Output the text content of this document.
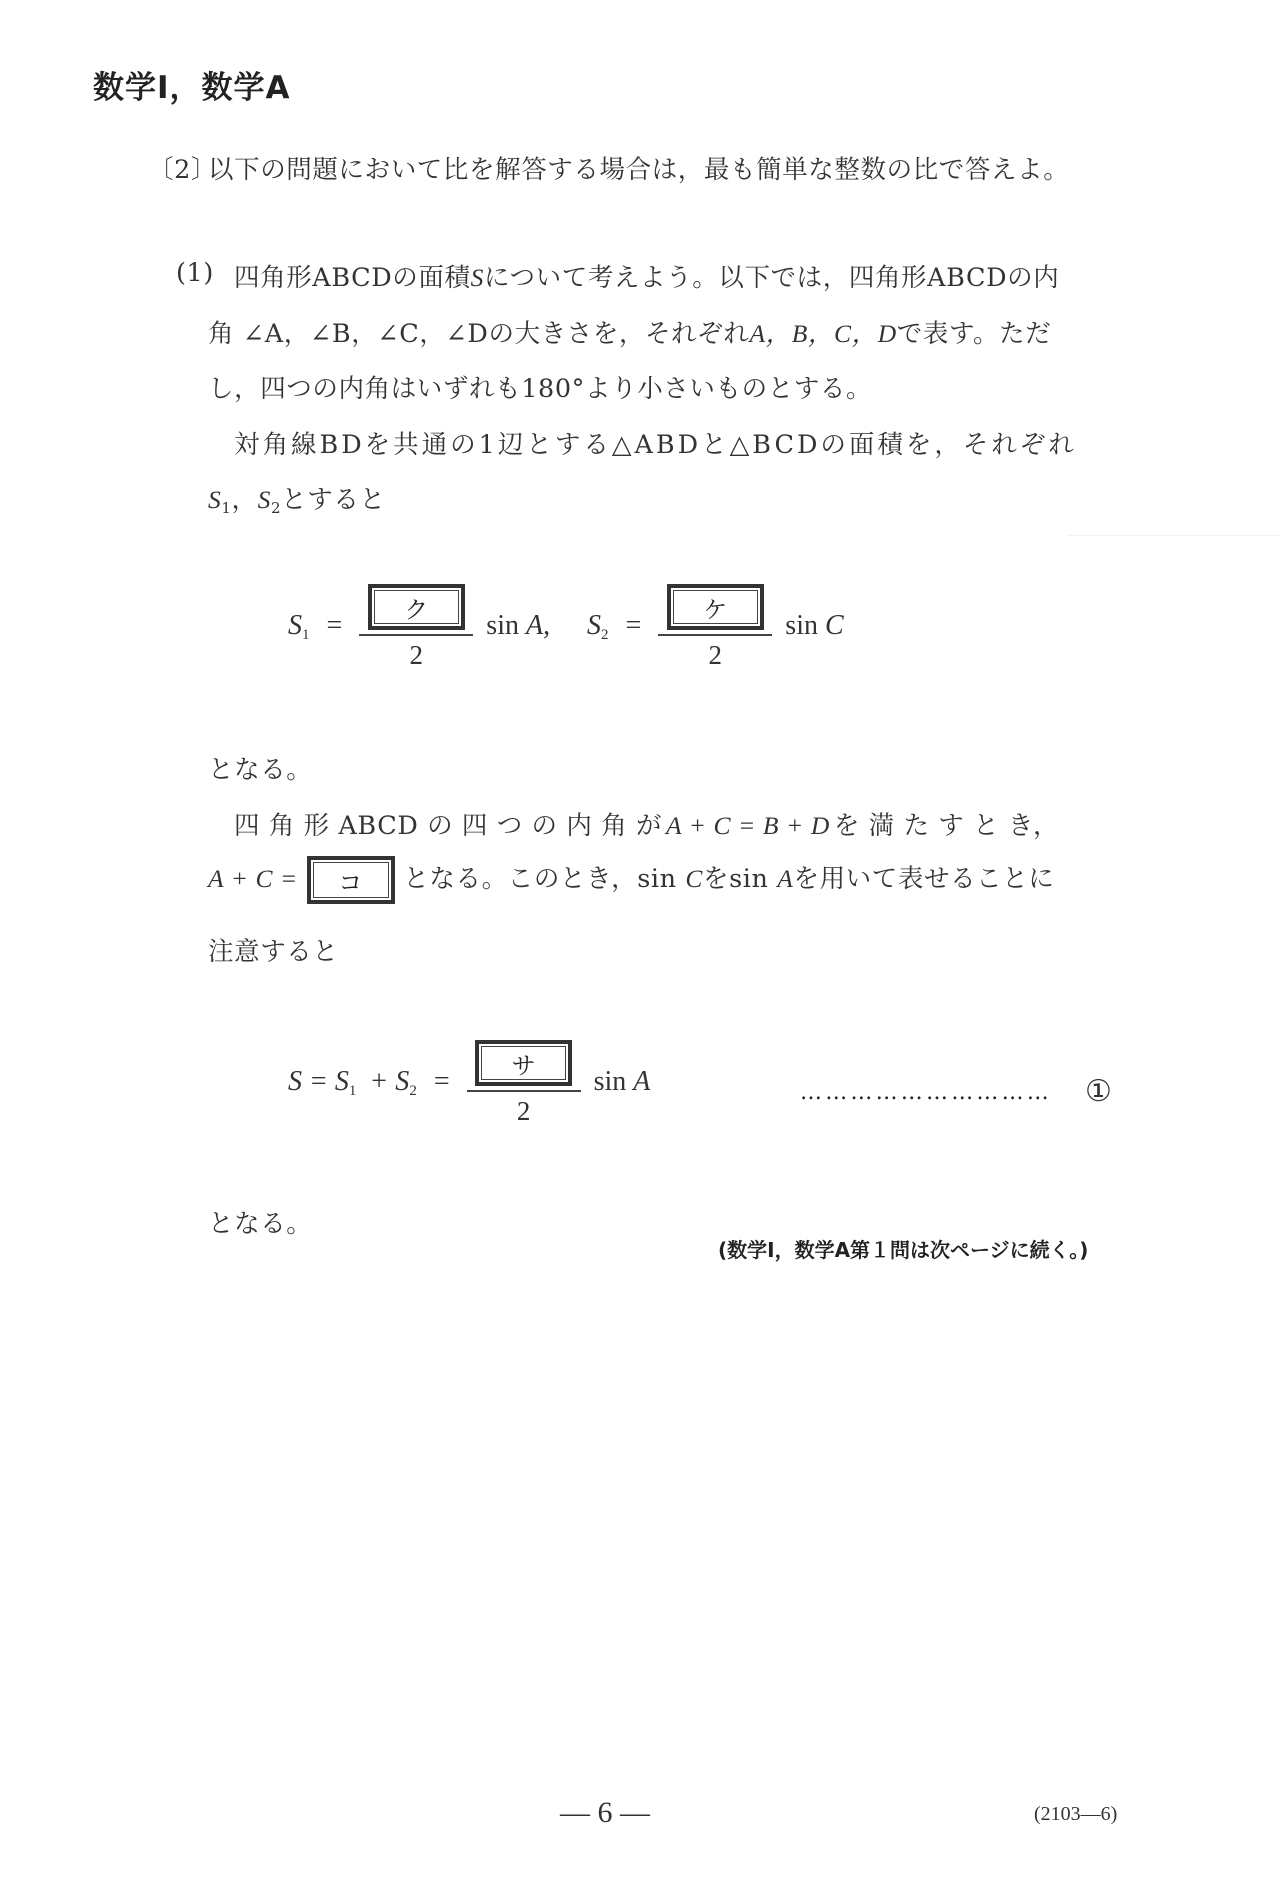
数学Ⅰ，数学A
〔2〕
以下の問題において比を解答する場合は，最も簡単な整数の比で答えよ。
(1) 四角形ABCDの面積Sについて考えよう。以下では，四角形ABCDの内
角 ∠A，∠B，∠C，∠Dの大きさを，それぞれA，B，C，Dで表す。ただ
し，四つの内角はいずれも180°より小さいものとする。
対角線BDを共通の1辺とする△ABDと△BCDの面積を，それぞれ
$S_1$，$S_2$とすると
$S_1 = \frac{\text{ク}}{2}$ sin A, $S_2 = \frac{\text{ケ}}{2}$ sin C
となる。
四 角 形 ABCD の 四 つ の 内 角 が A + C = B + D を 満 た す と き，
A + C =	コ	となる。このとき，sin Cをsin Aを用いて表せることに
注意すると
$S = S_1 + S_2 = \frac{\text{サ}}{2}$ sin A	………………………… ①
となる。
(数学Ⅰ，数学A第１問は次ページに続く。)
— 6 —	(2103—6)
